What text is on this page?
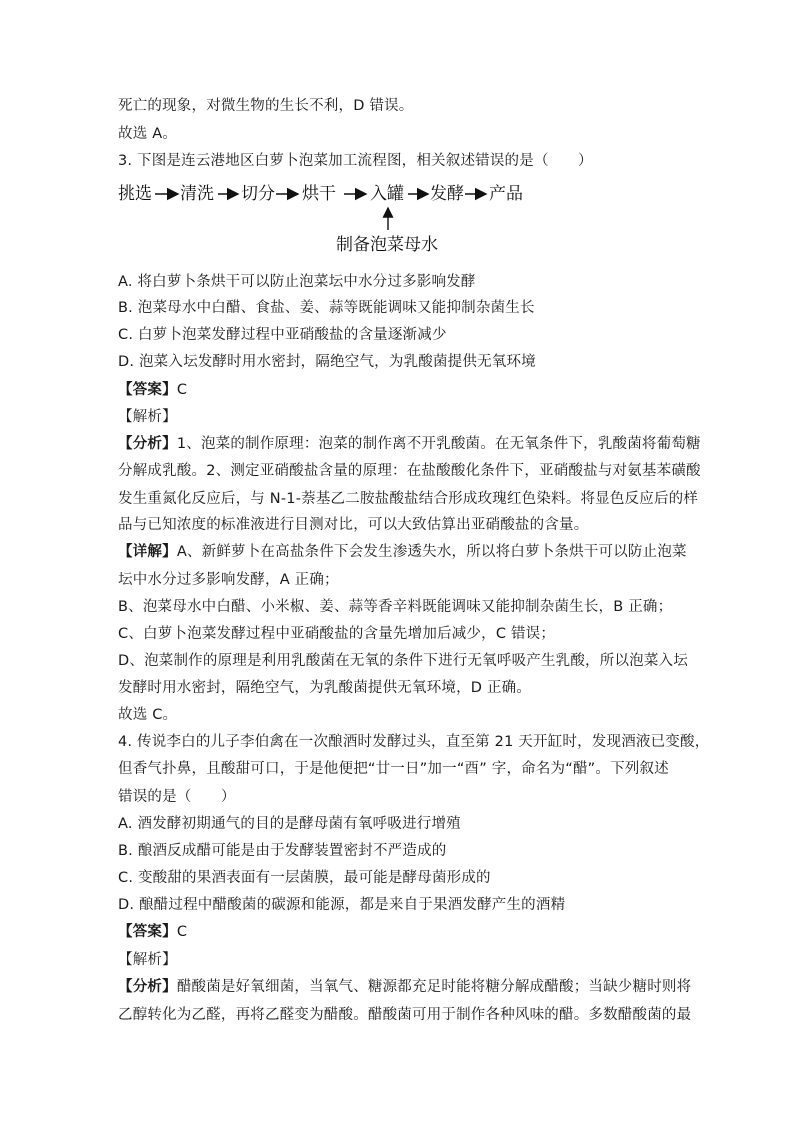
死亡的现象，对微生物的生长不利，D 错误。
故选 A。
3. 下图是连云港地区白萝卜泡菜加工流程图，相关叙述错误的是（　　）
挑选 清洗 切分 烘干 入罐 发酵 产品
制备泡菜母水
A. 将白萝卜条烘干可以防止泡菜坛中水分过多影响发酵
B. 泡菜母水中白醋、食盐、姜、蒜等既能调味又能抑制杂菌生长
C. 白萝卜泡菜发酵过程中亚硝酸盐的含量逐渐减少
D. 泡菜入坛发酵时用水密封，隔绝空气，为乳酸菌提供无氧环境
【答案】C
【解析】
【分析】1、泡菜的制作原理：泡菜的制作离不开乳酸菌。在无氧条件下，乳酸菌将葡萄糖
分解成乳酸。2、测定亚硝酸盐含量的原理：在盐酸酸化条件下，亚硝酸盐与对氨基苯磺酸
发生重氮化反应后，与 N-1-萘基乙二胺盐酸盐结合形成玫瑰红色染料。将显色反应后的样
品与已知浓度的标准液进行目测对比，可以大致估算出亚硝酸盐的含量。
【详解】A、新鲜萝卜在高盐条件下会发生渗透失水，所以将白萝卜条烘干可以防止泡菜
坛中水分过多影响发酵，A 正确；
B、泡菜母水中白醋、小米椒、姜、蒜等香辛料既能调味又能抑制杂菌生长，B 正确；
C、白萝卜泡菜发酵过程中亚硝酸盐的含量先增加后减少，C 错误；
D、泡菜制作的原理是利用乳酸菌在无氧的条件下进行无氧呼吸产生乳酸，所以泡菜入坛
发酵时用水密封，隔绝空气，为乳酸菌提供无氧环境，D 正确。
故选 C。
4. 传说李白的儿子李伯禽在一次酿酒时发酵过头，直至第 21 天开缸时，发现酒液已变酸，
但香气扑鼻，且酸甜可口，于是他便把“廿一日”加一“酉” 字，命名为“醋”。下列叙述
错误的是（　　）
A. 酒发酵初期通气的目的是酵母菌有氧呼吸进行增殖
B. 酿酒反成醋可能是由于发酵装置密封不严造成的
C. 变酸甜的果酒表面有一层菌膜，最可能是酵母菌形成的
D. 酿醋过程中醋酸菌的碳源和能源，都是来自于果酒发酵产生的酒精
【答案】C
【解析】
【分析】醋酸菌是好氧细菌，当氧气、糖源都充足时能将糖分解成醋酸；当缺少糖时则将
乙醇转化为乙醛，再将乙醛变为醋酸。醋酸菌可用于制作各种风味的醋。多数醋酸菌的最
